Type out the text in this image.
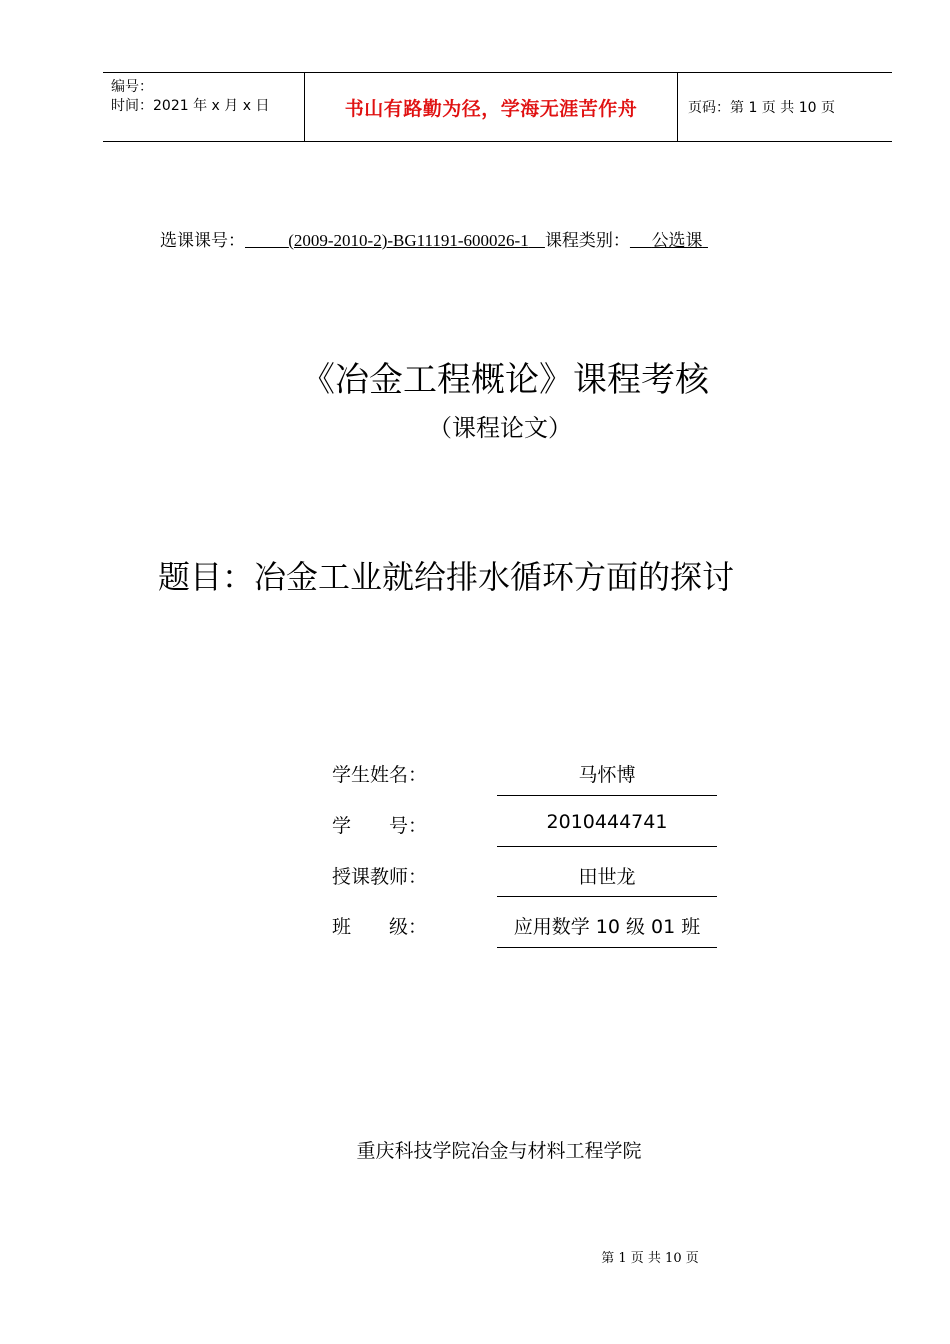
编号：
时间：2021 年 x 月 x 日	书山有路勤为径，学海无涯苦作舟	页码：第 1 页 共 10 页
选课课号：	(2009-2010-2)-BG11191-600026-1 课程类别： 公选课
《冶金工程概论》课程考核
（课程论文）
题目：冶金工业就给排水循环方面的探讨
学生姓名：	马怀博
学　　号：	2010444741
授课教师：	田世龙
班　　级：	应用数学 10 级 01 班
重庆科技学院冶金与材料工程学院
第 1 页 共 10 页
